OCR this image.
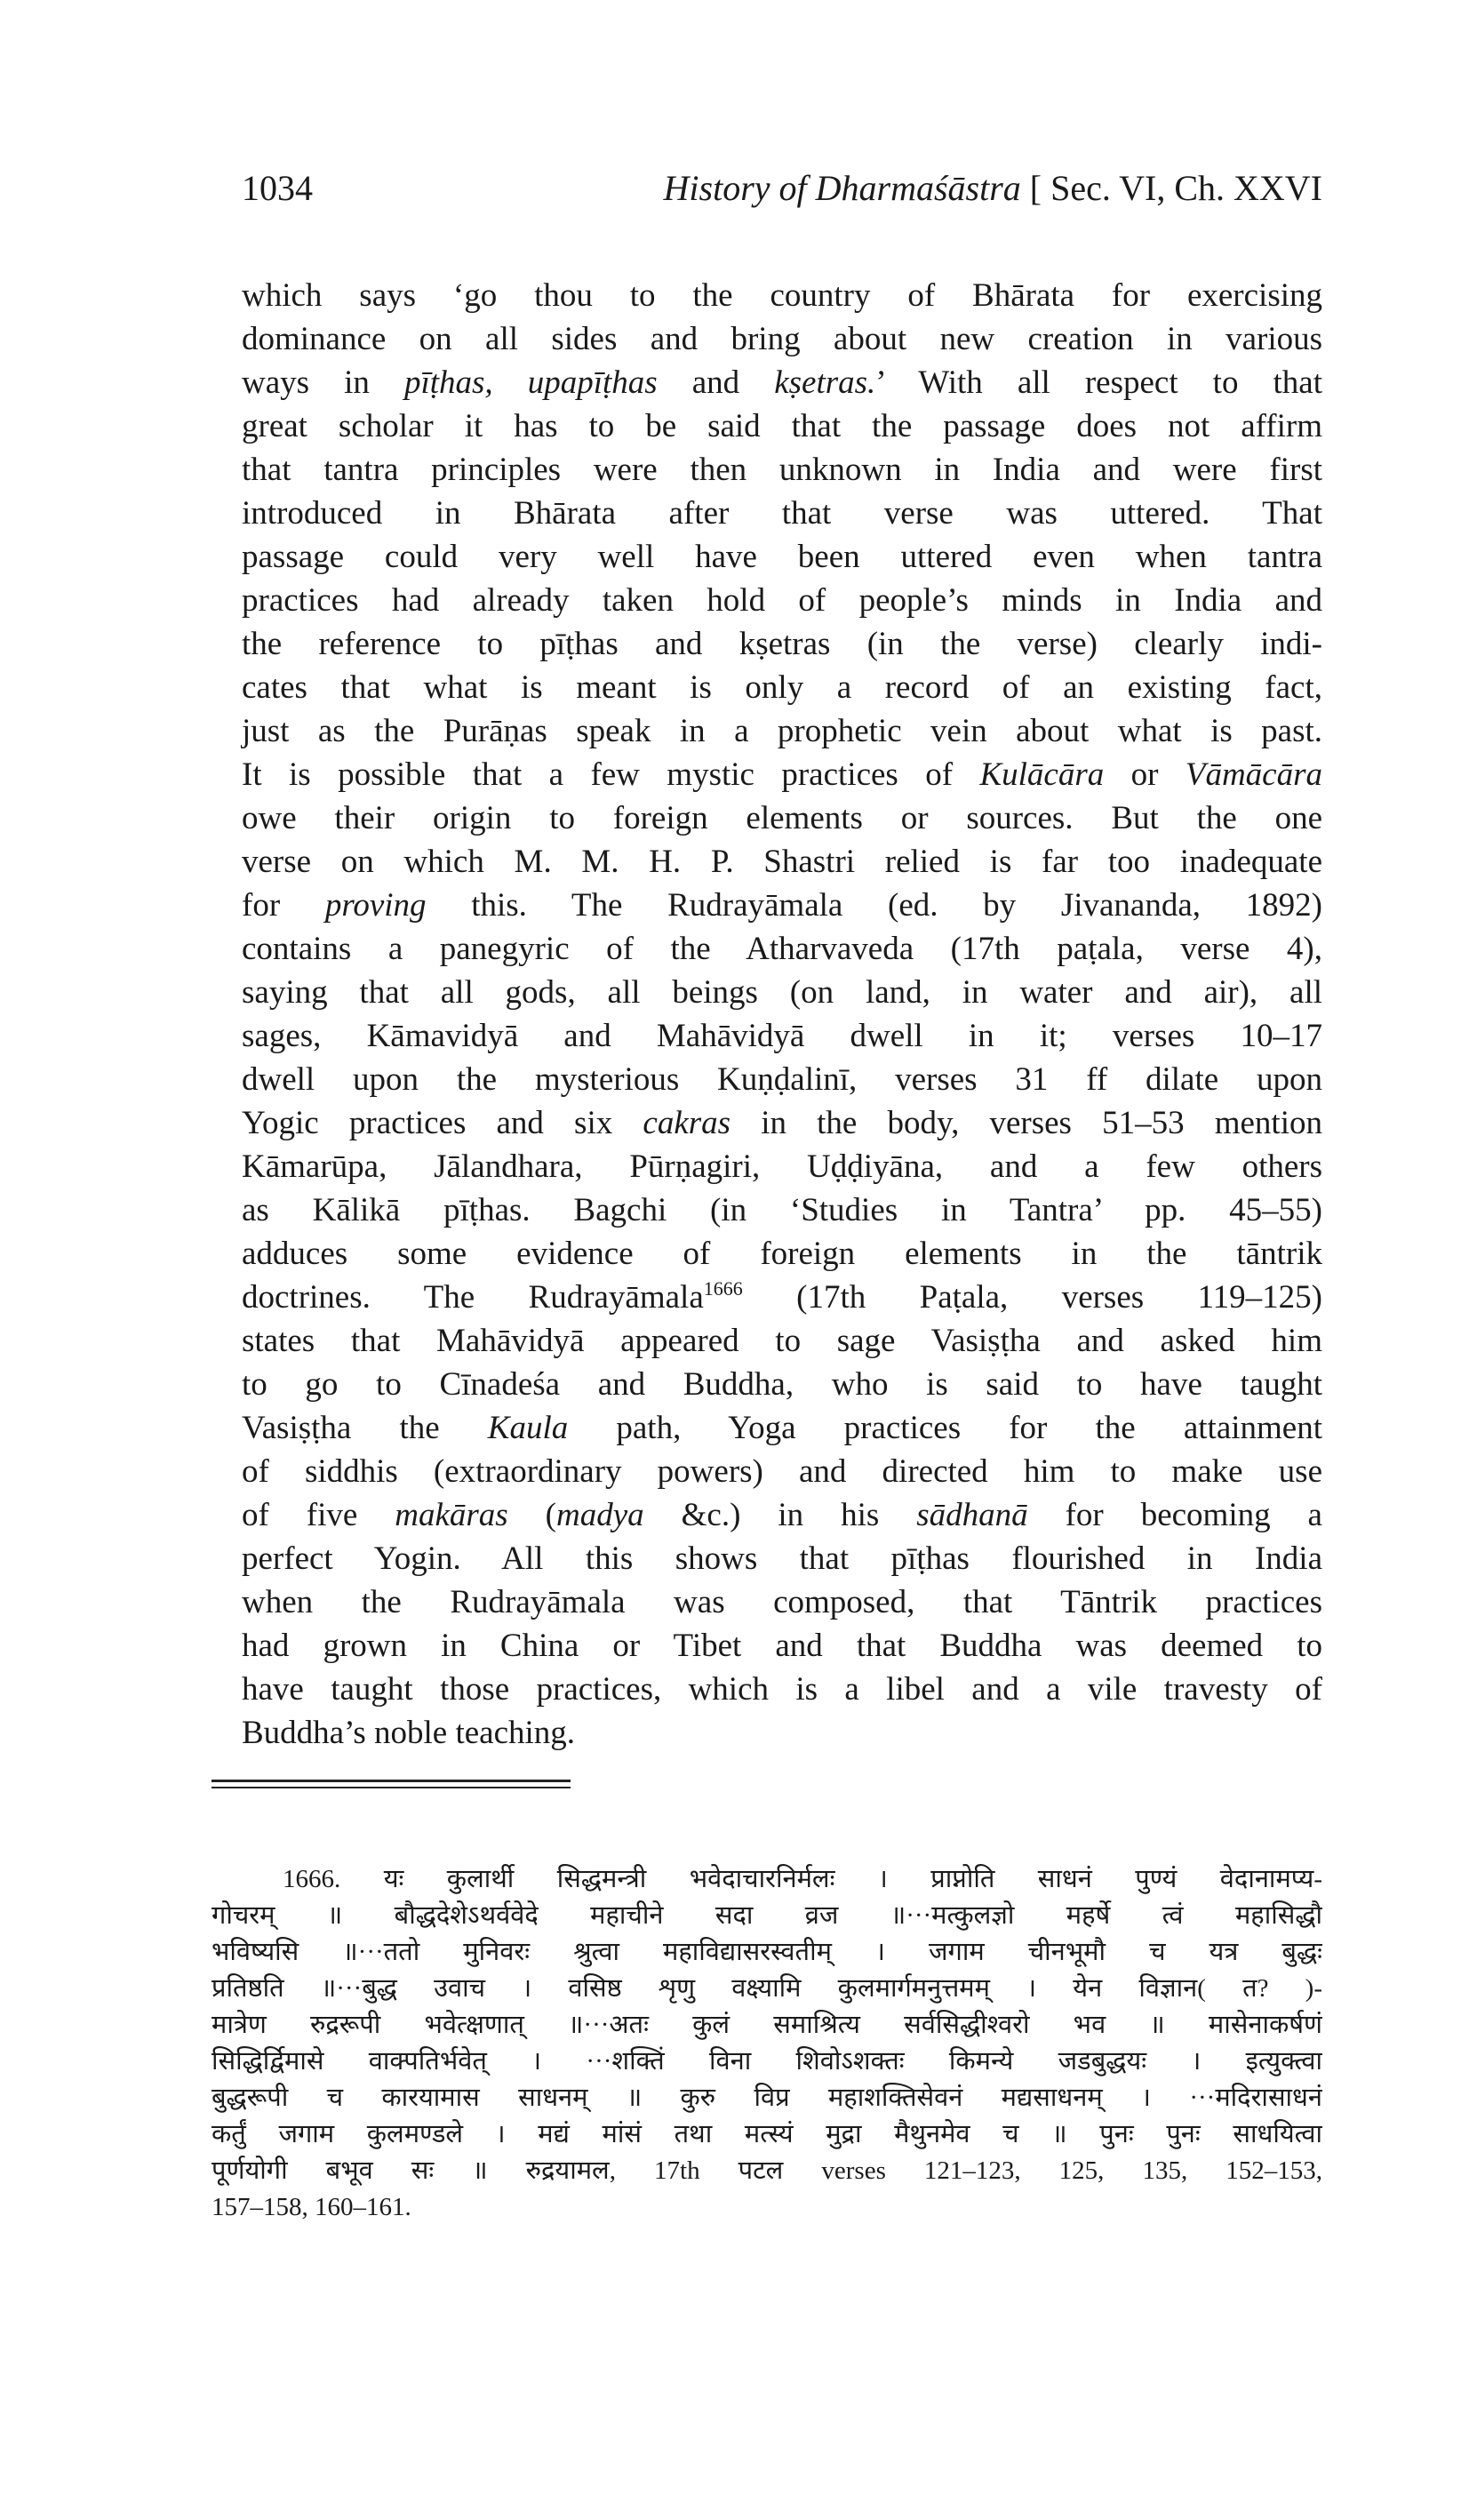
1034	History of Dharmaśāstra [ Sec. VI, Ch. XXVI
which says ‘go thou to the country of Bhārata for exercising
dominance on all sides and bring about new creation in various
ways in pīṭhas, upapīṭhas and kṣetras.’ With all respect to that
great scholar it has to be said that the passage does not affirm
that tantra principles were then unknown in India and were first
introduced in Bhārata after that verse was uttered. That
passage could very well have been uttered even when tantra
practices had already taken hold of people’s minds in India and
the reference to pīṭhas and kṣetras (in the verse) clearly indi-
cates that what is meant is only a record of an existing fact,
just as the Purāṇas speak in a prophetic vein about what is past.
It is possible that a few mystic practices of Kulācāra or Vāmācāra
owe their origin to foreign elements or sources. But the one
verse on which M. M. H. P. Shastri relied is far too inadequate
for proving this. The Rudrayāmala (ed. by Jivananda, 1892)
contains a panegyric of the Atharvaveda (17th paṭala, verse 4),
saying that all gods, all beings (on land, in water and air), all
sages, Kāmavidyā and Mahāvidyā dwell in it; verses 10–17
dwell upon the mysterious Kuṇḍalinī, verses 31 ff dilate upon
Yogic practices and six cakras in the body, verses 51–53 mention
Kāmarūpa, Jālandhara, Pūrṇagiri, Uḍḍiyāna, and a few others
as Kālikā pīṭhas. Bagchi (in ‘Studies in Tantra’ pp. 45–55)
adduces some evidence of foreign elements in the tāntrik
doctrines. The Rudrayāmala$^{1666}$ (17th Paṭala, verses 119–125)
states that Mahāvidyā appeared to sage Vasiṣṭha and asked him
to go to Cīnadeśa and Buddha, who is said to have taught
Vasiṣṭha the Kaula path, Yoga practices for the attainment
of siddhis (extraordinary powers) and directed him to make use
of five makāras (madya &c.) in his sādhanā for becoming a
perfect Yogin. All this shows that pīṭhas flourished in India
when the Rudrayāmala was composed, that Tāntrik practices
had grown in China or Tibet and that Buddha was deemed to
have taught those practices, which is a libel and a vile travesty of
Buddha’s noble teaching.
1666. यः कुलार्थी सिद्धमन्त्री भवेदाचारनिर्मलः । प्राप्नोति साधनं पुण्यं वेदानामप्य-
गोचरम् ॥ बौद्धदेशेऽथर्ववेदे महाचीने सदा व्रज ॥···मत्कुलज्ञो महर्षे त्वं महासिद्धौ
भविष्यसि ॥···ततो मुनिवरः श्रुत्वा महाविद्यासरस्वतीम् । जगाम चीनभूमौ च यत्र बुद्धः
प्रतिष्ठति ॥···बुद्ध उवाच । वसिष्ठ शृणु वक्ष्यामि कुलमार्गमनुत्तमम् । येन विज्ञान( त? )-
मात्रेण रुद्ररूपी भवेत्क्षणात् ॥···अतः कुलं समाश्रित्य सर्वसिद्धीश्वरो भव ॥ मासेनाकर्षणं
सिद्धिर्द्विमासे वाक्पतिर्भवेत् । ···शक्तिं विना शिवोऽशक्तः किमन्ये जडबुद्धयः । इत्युक्त्वा
बुद्धरूपी च कारयामास साधनम् ॥ कुरु विप्र महाशक्तिसेवनं मद्यसाधनम् । ···मदिरासाधनं
कर्तुं जगाम कुलमण्डले । मद्यं मांसं तथा मत्स्यं मुद्रा मैथुनमेव च ॥ पुनः पुनः साधयित्वा
पूर्णयोगी बभूव सः ॥ रुद्रयामल, 17th पटल verses 121–123, 125, 135, 152–153,
157–158, 160–161.
